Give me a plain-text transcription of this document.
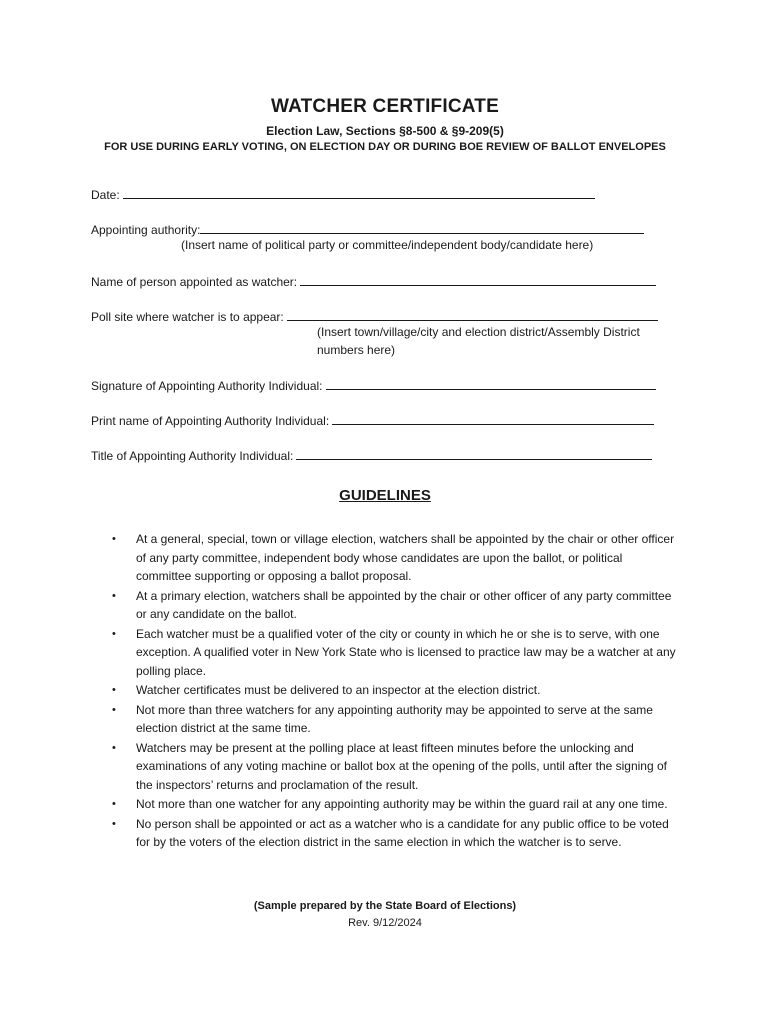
WATCHER CERTIFICATE
Election Law, Sections §8-500 & §9-209(5)
FOR USE DURING EARLY VOTING, ON ELECTION DAY OR DURING BOE REVIEW OF BALLOT ENVELOPES
Date:
Appointing authority:
(Insert name of political party or committee/independent body/candidate here)
Name of person appointed as watcher:
Poll site where watcher is to appear:
(Insert town/village/city and election district/Assembly District numbers here)
Signature of Appointing Authority Individual:
Print name of Appointing Authority Individual:
Title of Appointing Authority Individual:
GUIDELINES
• At a general, special, town or village election, watchers shall be appointed by the chair or other officer of any party committee, independent body whose candidates are upon the ballot, or political committee supporting or opposing a ballot proposal.
• At a primary election, watchers shall be appointed by the chair or other officer of any party committee or any candidate on the ballot.
• Each watcher must be a qualified voter of the city or county in which he or she is to serve, with one exception. A qualified voter in New York State who is licensed to practice law may be a watcher at any polling place.
• Watcher certificates must be delivered to an inspector at the election district.
• Not more than three watchers for any appointing authority may be appointed to serve at the same election district at the same time.
• Watchers may be present at the polling place at least fifteen minutes before the unlocking and examinations of any voting machine or ballot box at the opening of the polls, until after the signing of the inspectors’ returns and proclamation of the result.
• Not more than one watcher for any appointing authority may be within the guard rail at any one time.
• No person shall be appointed or act as a watcher who is a candidate for any public office to be voted for by the voters of the election district in the same election in which the watcher is to serve.
(Sample prepared by the State Board of Elections)
Rev. 9/12/2024
